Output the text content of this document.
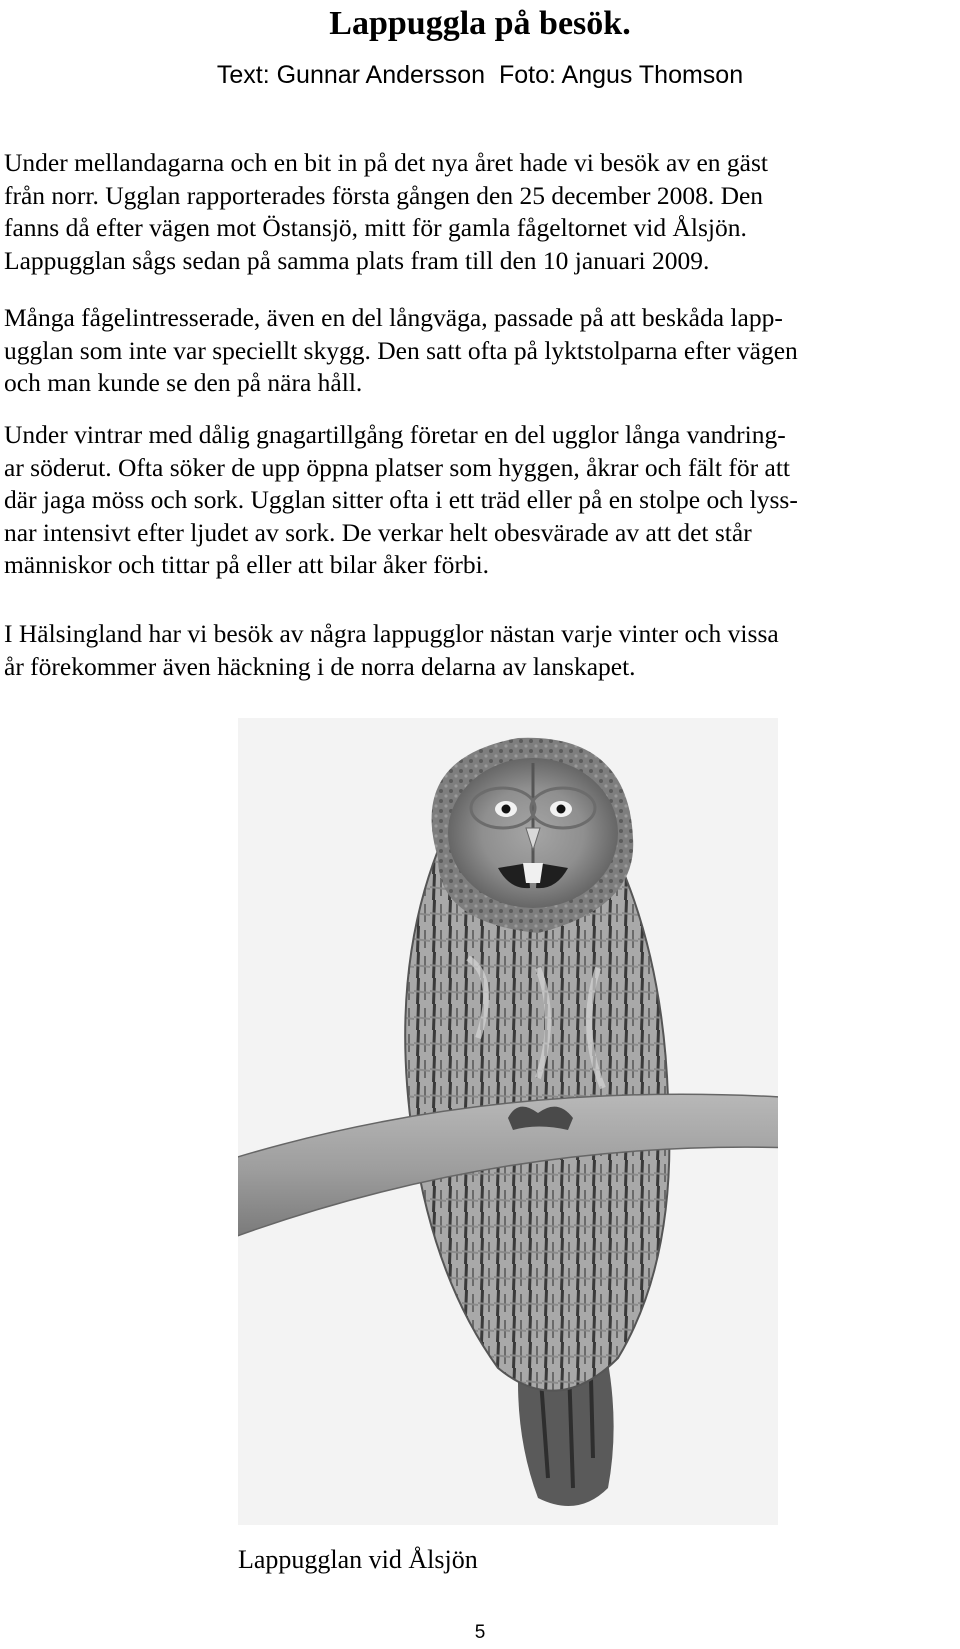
Lappuggla på besök.
Text: Gunnar Andersson Foto: Angus Thomson

Under mellandagarna och en bit in på det nya året hade vi besök av en gäst
från norr. Ugglan rapporterades första gången den 25 december 2008. Den
fanns då efter vägen mot Östansjö, mitt för gamla fågeltornet vid Ålsjön.
Lappugglan sågs sedan på samma plats fram till den 10 januari 2009.

Många fågelintresserade, även en del långväga, passade på att beskåda lapp-
ugglan som inte var speciellt skygg. Den satt ofta på lyktstolparna efter vägen
och man kunde se den på nära håll.

Under vintrar med dålig gnagartillgång företar en del ugglor långa vandring-
ar söderut. Ofta söker de upp öppna platser som hyggen, åkrar och fält för att
där jaga möss och sork. Ugglan sitter ofta i ett träd eller på en stolpe och lyss-
nar intensivt efter ljudet av sork. De verkar helt obesvärade av att det står
människor och tittar på eller att bilar åker förbi.

I Hälsingland har vi besök av några lappugglor nästan varje vinter och vissa
år förekommer även häckning i de norra delarna av lanskapet.

Lappugglan vid Ålsjön
5
